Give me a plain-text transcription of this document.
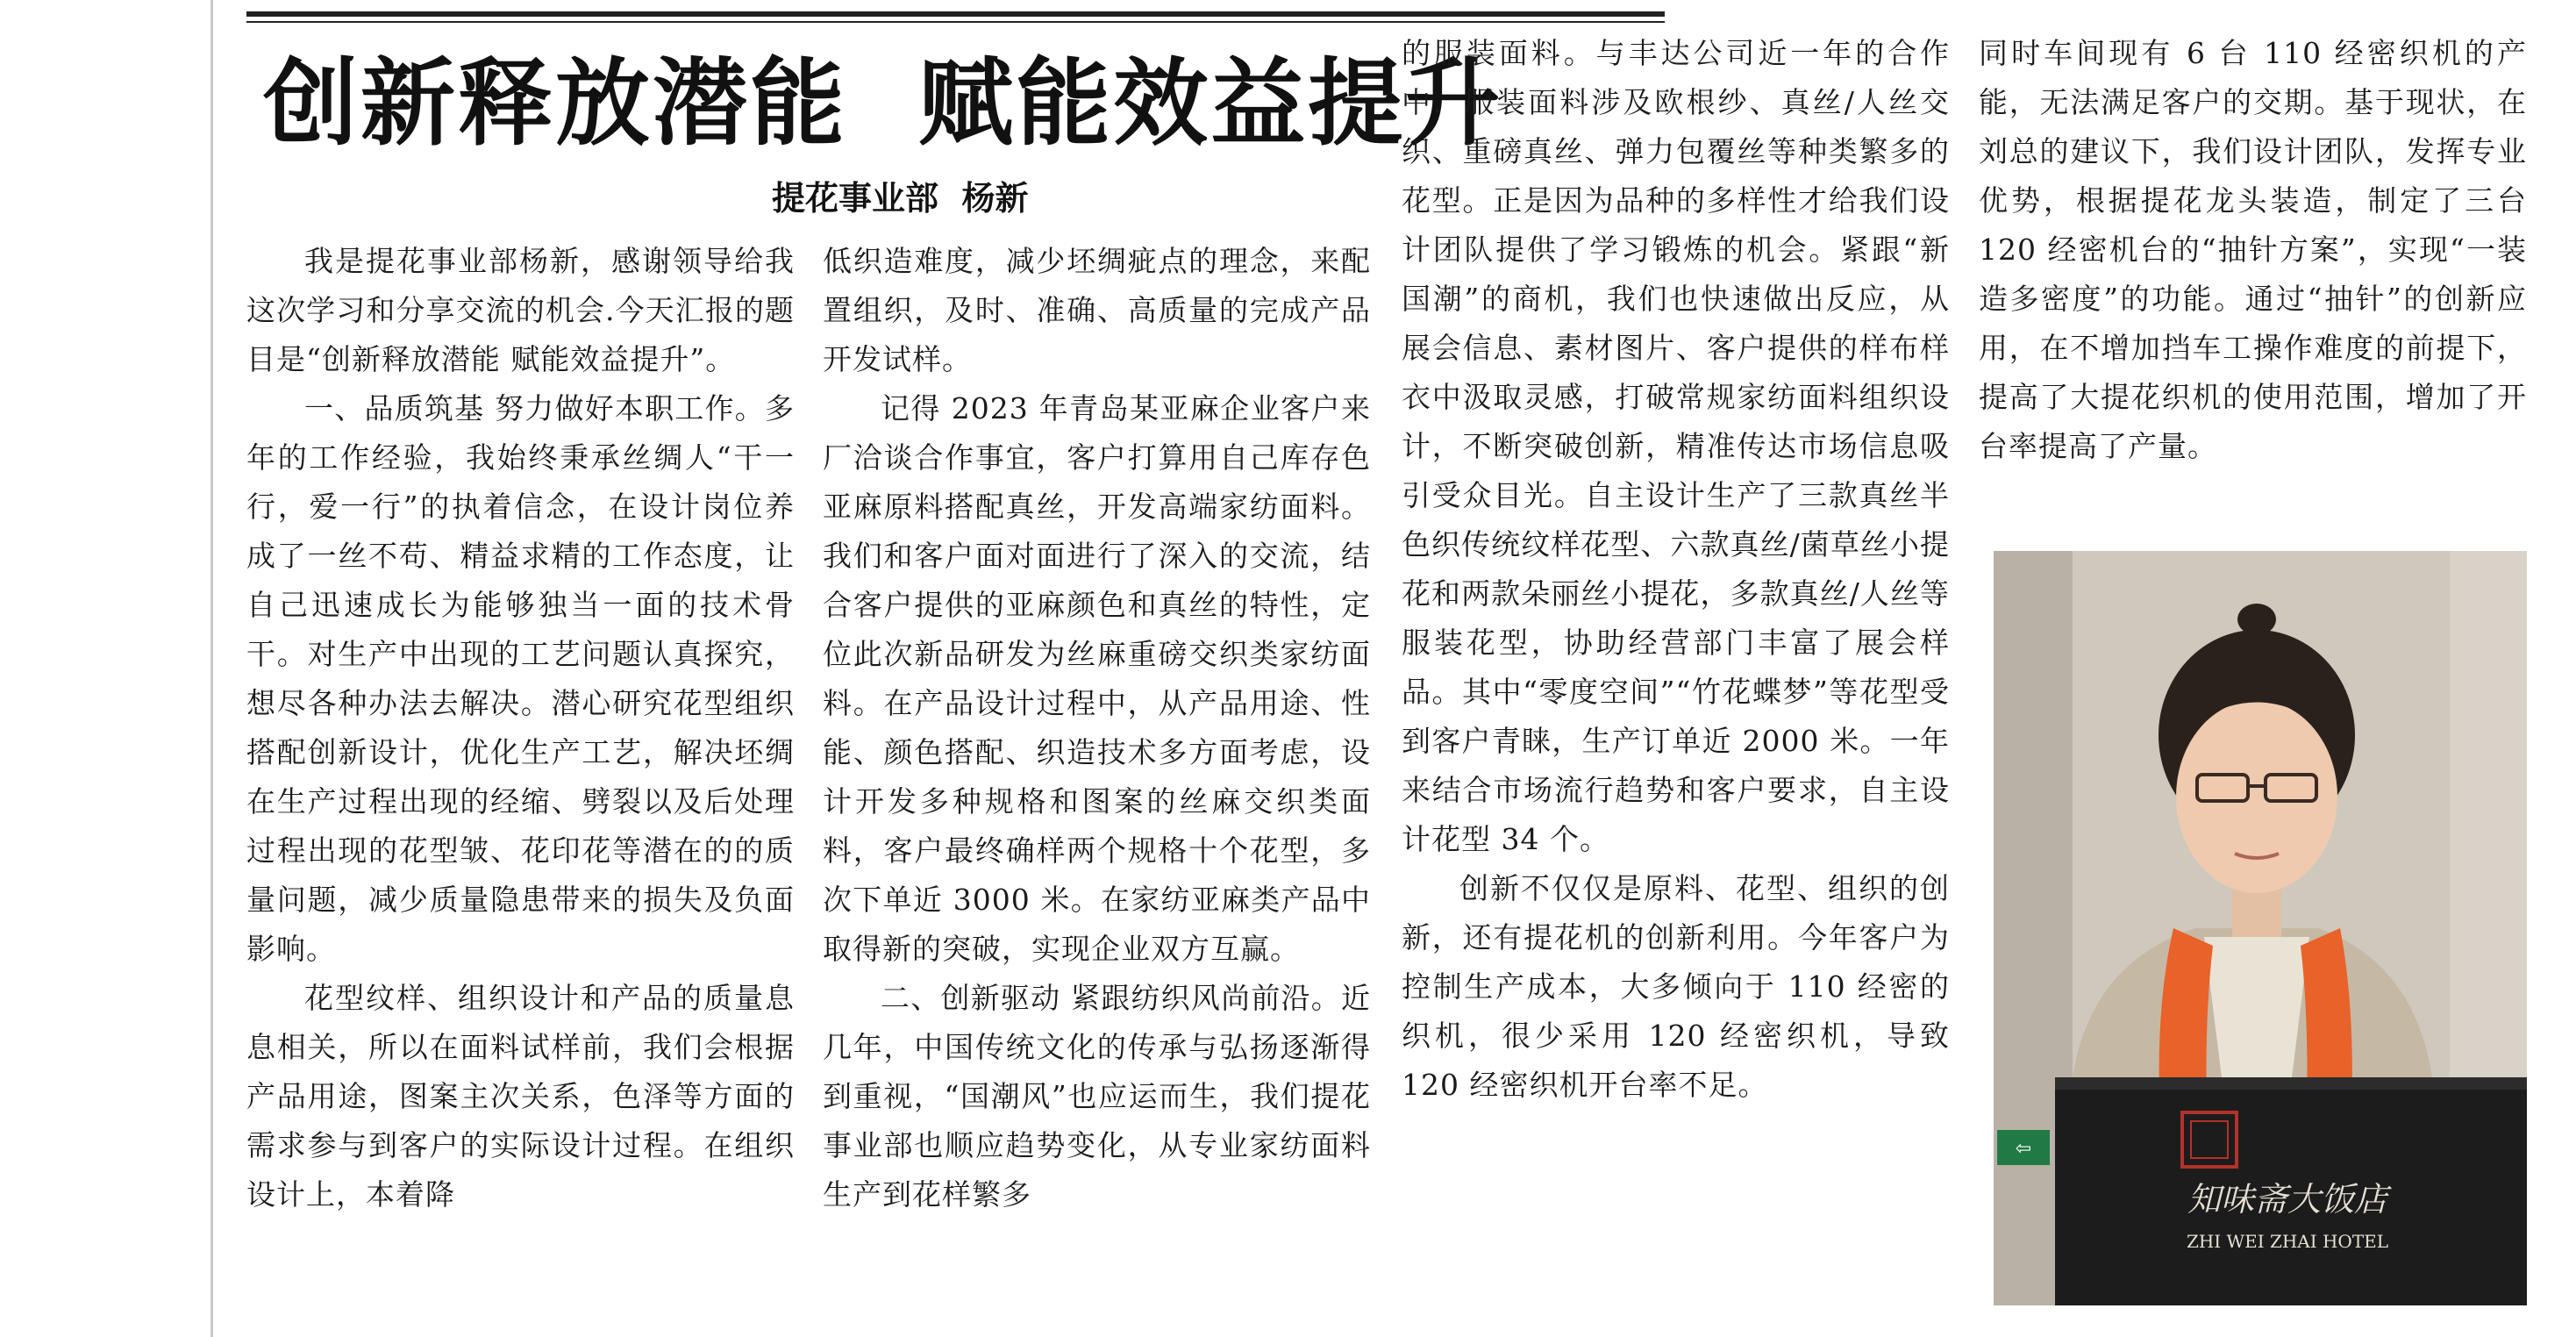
创新释放潜能  赋能效益提升
提花事业部  杨新

我是提花事业部杨新，感谢领导给我这次学习和分享交流的机会.今天汇报的题目是“创新释放潜能 赋能效益提升”。

一、品质筑基 努力做好本职工作。多年的工作经验，我始终秉承丝绸人“干一行，爱一行”的执着信念，在设计岗位养成了一丝不苟、精益求精的工作态度，让自己迅速成长为能够独当一面的技术骨干。对生产中出现的工艺问题认真探究，想尽各种办法去解决。潜心研究花型组织搭配创新设计，优化生产工艺，解决坯绸在生产过程出现的经缩、劈裂以及后处理过程出现的花型皱、花印花等潜在的的质量问题，减少质量隐患带来的损失及负面影响。

花型纹样、组织设计和产品的质量息息相关，所以在面料试样前，我们会根据产品用途，图案主次关系，色泽等方面的需求参与到客户的实际设计过程。在组织设计上，本着降

低织造难度，减少坯绸疵点的理念，来配置组织，及时、准确、高质量的完成产品开发试样。

记得 2023 年青岛某亚麻企业客户来厂洽谈合作事宜，客户打算用自己库存色亚麻原料搭配真丝，开发高端家纺面料。我们和客户面对面进行了深入的交流，结合客户提供的亚麻颜色和真丝的特性，定位此次新品研发为丝麻重磅交织类家纺面料。在产品设计过程中，从产品用途、性能、颜色搭配、织造技术多方面考虑，设计开发多种规格和图案的丝麻交织类面料，客户最终确样两个规格十个花型，多次下单近 3000 米。在家纺亚麻类产品中取得新的突破，实现企业双方互赢。

二、创新驱动 紧跟纺织风尚前沿。近几年，中国传统文化的传承与弘扬逐渐得到重视，“国潮风”也应运而生，我们提花事业部也顺应趋势变化，从专业家纺面料生产到花样繁多

的服装面料。与丰达公司近一年的合作中，服装面料涉及欧根纱、真丝/人丝交织、重磅真丝、弹力包覆丝等种类繁多的花型。正是因为品种的多样性才给我们设计团队提供了学习锻炼的机会。紧跟“新国潮”的商机，我们也快速做出反应，从展会信息、素材图片、客户提供的样布样衣中汲取灵感，打破常规家纺面料组织设计，不断突破创新，精准传达市场信息吸引受众目光。自主设计生产了三款真丝半色织传统纹样花型、六款真丝/菌草丝小提花和两款朵丽丝小提花，多款真丝/人丝等服装花型，协助经营部门丰富了展会样品。其中“零度空间”“竹花蝶梦”等花型受到客户青睐，生产订单近 2000 米。一年来结合市场流行趋势和客户要求，自主设计花型 34 个。

创新不仅仅是原料、花型、组织的创新，还有提花机的创新利用。今年客户为控制生产成本，大多倾向于 110 经密的织机，很少采用 120 经密织机，导致 120 经密织机开台率不足。

同时车间现有 6 台 110 经密织机的产能，无法满足客户的交期。基于现状，在刘总的建议下，我们设计团队，发挥专业优势，根据提花龙头装造，制定了三台 120 经密机台的“抽针方案”，实现“一装造多密度”的功能。通过“抽针”的创新应用，在不增加挡车工操作难度的前提下，提高了大提花织机的使用范围，增加了开台率提高了产量。

⇦
知味斋大饭店
ZHI WEI ZHAI HOTEL
